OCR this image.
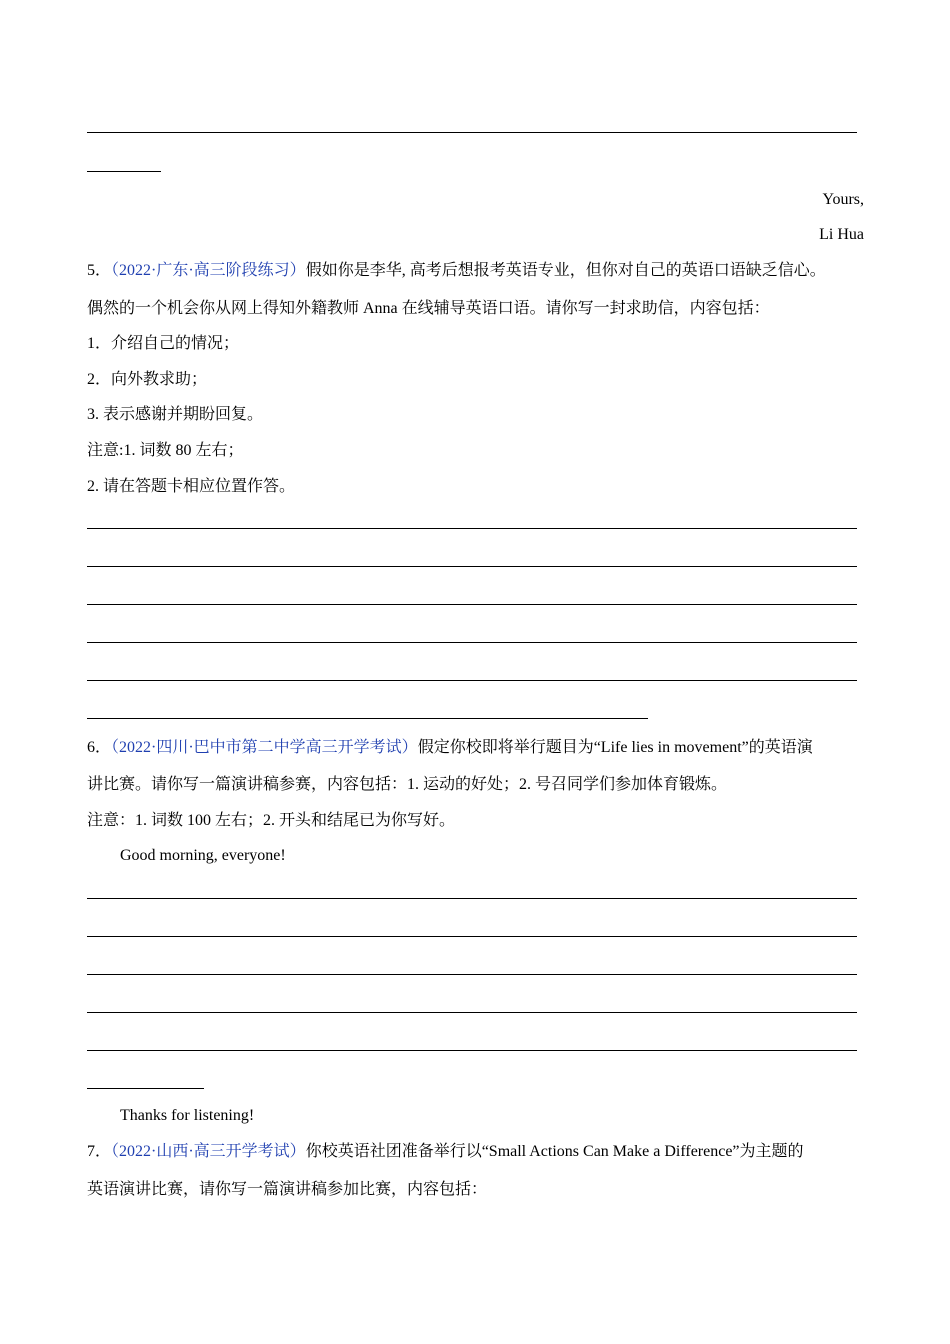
Yours,
Li Hua
5．（2022·广东·高三阶段练习）假如你是李华, 高考后想报考英语专业，但你对自己的英语口语缺乏信心。
偶然的一个机会你从网上得知外籍教师 Anna 在线辅导英语口语。请你写一封求助信，内容包括：
1．介绍自己的情况；
2．向外教求助；
3. 表示感谢并期盼回复。
注意:1. 词数 80 左右；
2. 请在答题卡相应位置作答。
6．（2022·四川·巴中市第二中学高三开学考试）假定你校即将举行题目为“Life lies in movement”的英语演
讲比赛。请你写一篇演讲稿参赛，内容包括：1. 运动的好处；2. 号召同学们参加体育锻炼。
注意：1. 词数 100 左右；2. 开头和结尾已为你写好。
Good morning, everyone!
Thanks for listening!
7．（2022·山西·高三开学考试）你校英语社团准备举行以“Small Actions Can Make a Difference”为主题的
英语演讲比赛，请你写一篇演讲稿参加比赛，内容包括：
